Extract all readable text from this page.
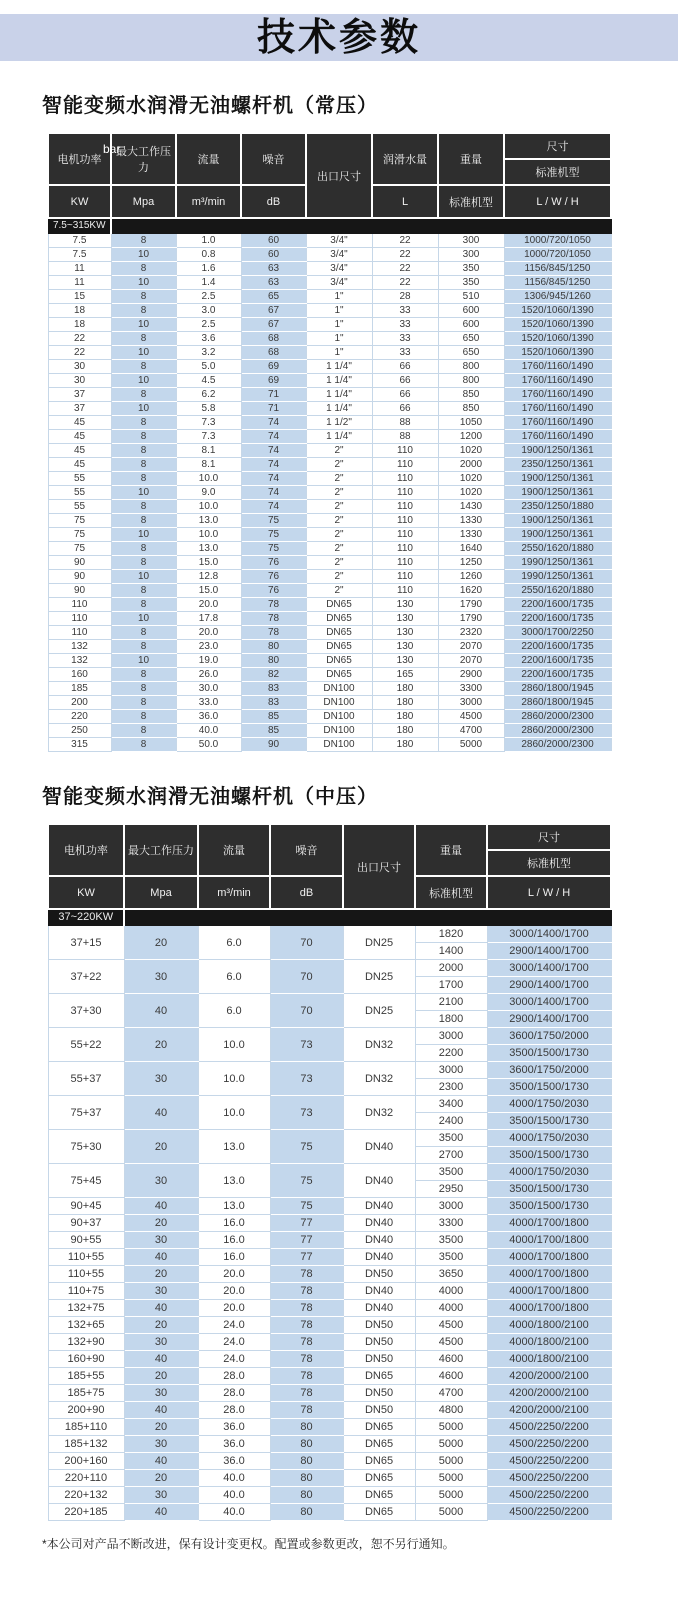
技术参数
智能变频水润滑无油螺杆机（常压）
bar
电机功率	最大工作压力	流量	噪音	出口尺寸	润滑水量	重量	尺寸
							标准机型
KW	Mpa	m³/min	dB		L	标准机型	L / W / H
7.5~315KW							
7.5	8	1.0	60	3/4"	22	300	1000/720/1050
7.5	10	0.8	60	3/4"	22	300	1000/720/1050
11	8	1.6	63	3/4"	22	350	1156/845/1250
11	10	1.4	63	3/4"	22	350	1156/845/1250
15	8	2.5	65	1"	28	510	1306/945/1260
18	8	3.0	67	1"	33	600	1520/1060/1390
18	10	2.5	67	1"	33	600	1520/1060/1390
22	8	3.6	68	1"	33	650	1520/1060/1390
22	10	3.2	68	1"	33	650	1520/1060/1390
30	8	5.0	69	1 1/4"	66	800	1760/1160/1490
30	10	4.5	69	1 1/4"	66	800	1760/1160/1490
37	8	6.2	71	1 1/4"	66	850	1760/1160/1490
37	10	5.8	71	1 1/4"	66	850	1760/1160/1490
45	8	7.3	74	1 1/2"	88	1050	1760/1160/1490
45	8	7.3	74	1 1/4"	88	1200	1760/1160/1490
45	8	8.1	74	2"	110	1020	1900/1250/1361
45	8	8.1	74	2"	110	2000	2350/1250/1361
55	8	10.0	74	2"	110	1020	1900/1250/1361
55	10	9.0	74	2"	110	1020	1900/1250/1361
55	8	10.0	74	2"	110	1430	2350/1250/1880
75	8	13.0	75	2"	110	1330	1900/1250/1361
75	10	10.0	75	2"	110	1330	1900/1250/1361
75	8	13.0	75	2"	110	1640	2550/1620/1880
90	8	15.0	76	2"	110	1250	1990/1250/1361
90	10	12.8	76	2"	110	1260	1990/1250/1361
90	8	15.0	76	2"	110	1620	2550/1620/1880
110	8	20.0	78	DN65	130	1790	2200/1600/1735
110	10	17.8	78	DN65	130	1790	2200/1600/1735
110	8	20.0	78	DN65	130	2320	3000/1700/2250
132	8	23.0	80	DN65	130	2070	2200/1600/1735
132	10	19.0	80	DN65	130	2070	2200/1600/1735
160	8	26.0	82	DN65	165	2900	2200/1600/1735
185	8	30.0	83	DN100	180	3300	2860/1800/1945
200	8	33.0	83	DN100	180	3000	2860/1800/1945
220	8	36.0	85	DN100	180	4500	2860/2000/2300
250	8	40.0	85	DN100	180	4700	2860/2000/2300
315	8	50.0	90	DN100	180	5000	2860/2000/2300
智能变频水润滑无油螺杆机（中压）
电机功率	最大工作压力	流量	噪音	出口尺寸	重量	尺寸
						标准机型
KW	Mpa	m³/min	dB		标准机型	L / W / H
37~220KW						
37+15	20	6.0	70	DN25	1820	3000/1400/1700
					1400	2900/1400/1700
37+22	30	6.0	70	DN25	2000	3000/1400/1700
					1700	2900/1400/1700
37+30	40	6.0	70	DN25	2100	3000/1400/1700
					1800	2900/1400/1700
55+22	20	10.0	73	DN32	3000	3600/1750/2000
					2200	3500/1500/1730
55+37	30	10.0	73	DN32	3000	3600/1750/2000
					2300	3500/1500/1730
75+37	40	10.0	73	DN32	3400	4000/1750/2030
					2400	3500/1500/1730
75+30	20	13.0	75	DN40	3500	4000/1750/2030
					2700	3500/1500/1730
75+45	30	13.0	75	DN40	3500	4000/1750/2030
					2950	3500/1500/1730
90+45	40	13.0	75	DN40	3000	3500/1500/1730
90+37	20	16.0	77	DN40	3300	4000/1700/1800
90+55	30	16.0	77	DN40	3500	4000/1700/1800
110+55	40	16.0	77	DN40	3500	4000/1700/1800
110+55	20	20.0	78	DN50	3650	4000/1700/1800
110+75	30	20.0	78	DN40	4000	4000/1700/1800
132+75	40	20.0	78	DN40	4000	4000/1700/1800
132+65	20	24.0	78	DN50	4500	4000/1800/2100
132+90	30	24.0	78	DN50	4500	4000/1800/2100
160+90	40	24.0	78	DN50	4600	4000/1800/2100
185+55	20	28.0	78	DN65	4600	4200/2000/2100
185+75	30	28.0	78	DN50	4700	4200/2000/2100
200+90	40	28.0	78	DN50	4800	4200/2000/2100
185+110	20	36.0	80	DN65	5000	4500/2250/2200
185+132	30	36.0	80	DN65	5000	4500/2250/2200
200+160	40	36.0	80	DN65	5000	4500/2250/2200
220+110	20	40.0	80	DN65	5000	4500/2250/2200
220+132	30	40.0	80	DN65	5000	4500/2250/2200
220+185	40	40.0	80	DN65	5000	4500/2250/2200
*本公司对产品不断改进，保有设计变更权。配置或参数更改，恕不另行通知。
